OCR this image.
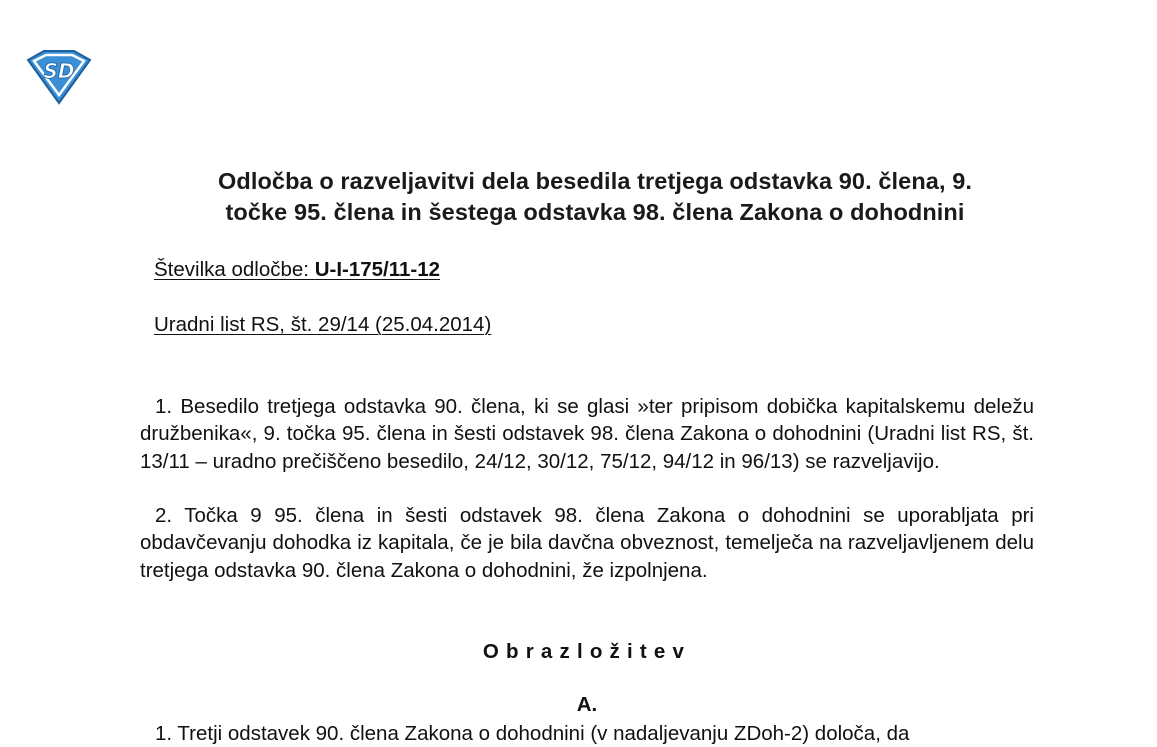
SD
Odločba o razveljavitvi dela besedila tretjega odstavka 90. člena, 9.
točke 95. člena in šestega odstavka 98. člena Zakona o dohodnini
Številka odločbe: U-I-175/11-12
Uradni list RS, št. 29/14 (25.04.2014)

1. Besedilo tretjega odstavka 90. člena, ki se glasi »ter pripisom dobička kapitalskemu deležu družbenika«, 9. točka 95. člena in šesti odstavek 98. člena Zakona o dohodnini (Uradni list RS, št. 13/11 – uradno prečiščeno besedilo, 24/12, 30/12, 75/12, 94/12 in 96/13) se razveljavijo.

2. Točka 9 95. člena in šesti odstavek 98. člena Zakona o dohodnini se uporabljata pri obdavčevanju dohodka iz kapitala, če je bila davčna obveznost, temelječa na razveljavljenem delu tretjega odstavka 90. člena Zakona o dohodnini, že izpolnjena.

Obrazložitev
A.

1. Tretji odstavek 90. člena Zakona o dohodnini (v nadaljevanju ZDoh-2) določa, da
